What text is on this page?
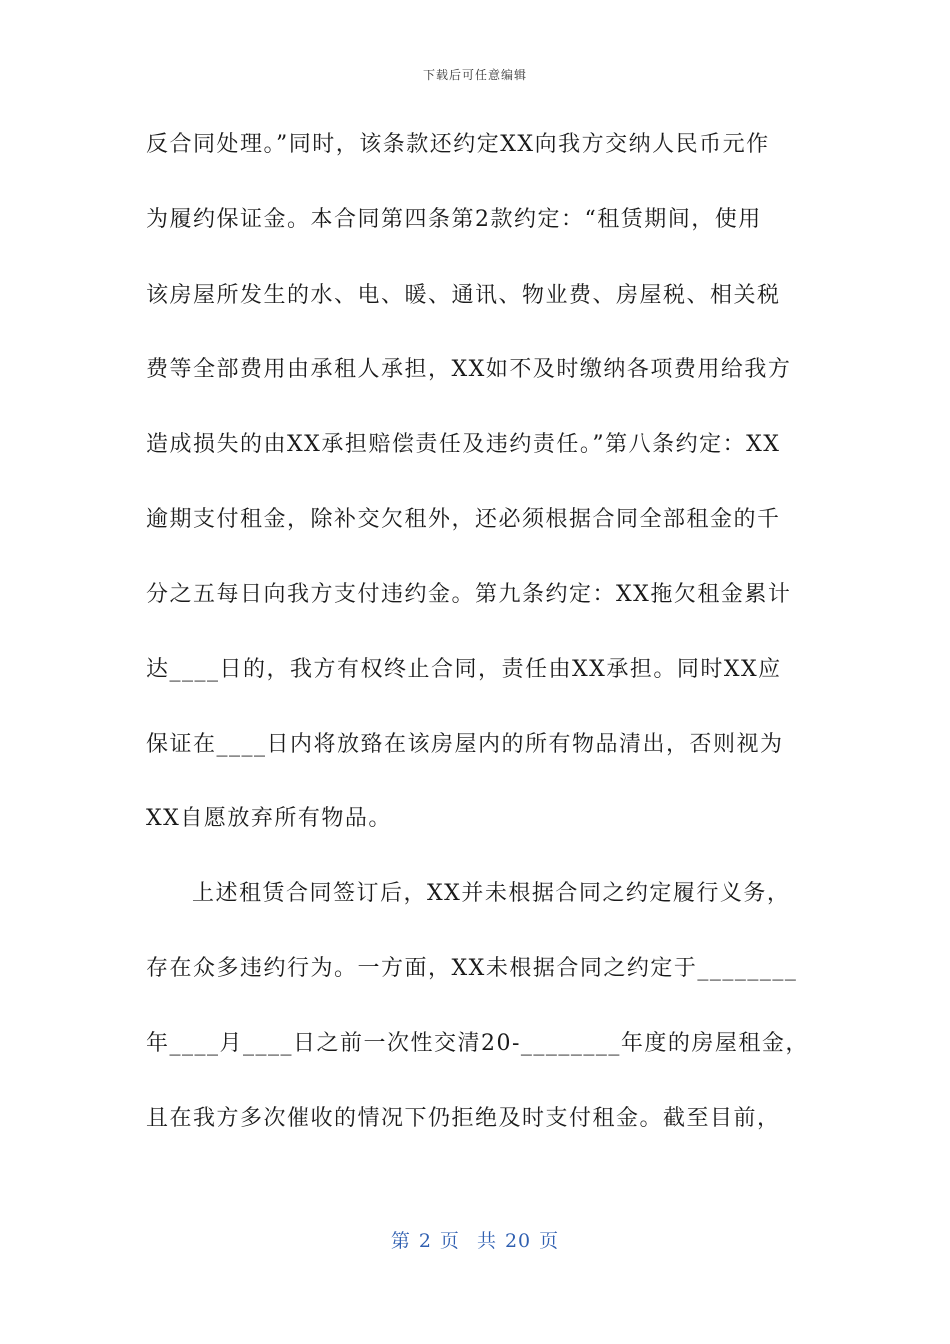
下载后可任意编辑
反合同处理。”同时，该条款还约定XX向我方交纳人民币元作
为履约保证金。本合同第四条第2款约定：“租赁期间，使用
该房屋所发生的水、电、暖、通讯、物业费、房屋税、相关税
费等全部费用由承租人承担，XX如不及时缴纳各项费用给我方
造成损失的由XX承担赔偿责任及违约责任。”第八条约定：XX
逾期支付租金，除补交欠租外，还必须根据合同全部租金的千
分之五每日向我方支付违约金。第九条约定：XX拖欠租金累计
达____日的，我方有权终止合同，责任由XX承担。同时XX应
保证在____日内将放臵在该房屋内的所有物品清出，否则视为
XX自愿放弃所有物品。
上述租赁合同签订后，XX并未根据合同之约定履行义务，
存在众多违约行为。一方面，XX未根据合同之约定于________
年____月____日之前一次性交清20-________年度的房屋租金，
且在我方多次催收的情况下仍拒绝及时支付租金。截至目前，
第 2 页 共 20 页
